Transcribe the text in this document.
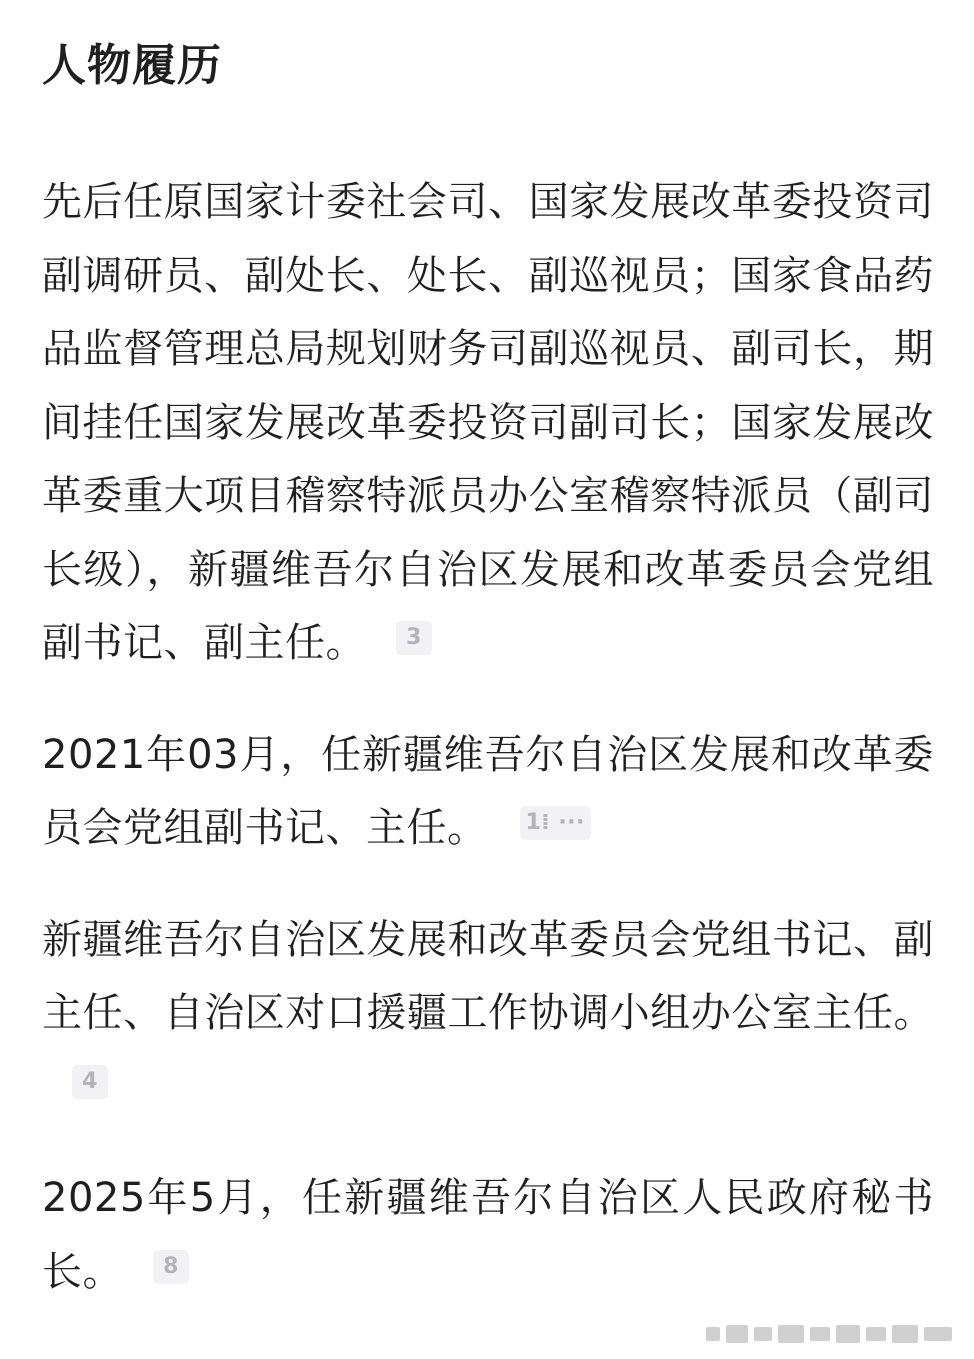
人物履历

先后任原国家计委社会司、国家发展改革委投资司副调研员、副处长、处长、副巡视员；国家食品药品监督管理总局规划财务司副巡视员、副司长，期间挂任国家发展改革委投资司副司长；国家发展改革委重大项目稽察特派员办公室稽察特派员（副司长级），新疆维吾尔自治区发展和改革委员会党组副书记、副主任。 3

2021年03月，任新疆维吾尔自治区发展和改革委员会党组副书记、主任。 1⁞ ···

新疆维吾尔自治区发展和改革委员会党组书记、副主任、自治区对口援疆工作协调小组办公室主任。4

2025年5月，任新疆维吾尔自治区人民政府秘书长。 8
